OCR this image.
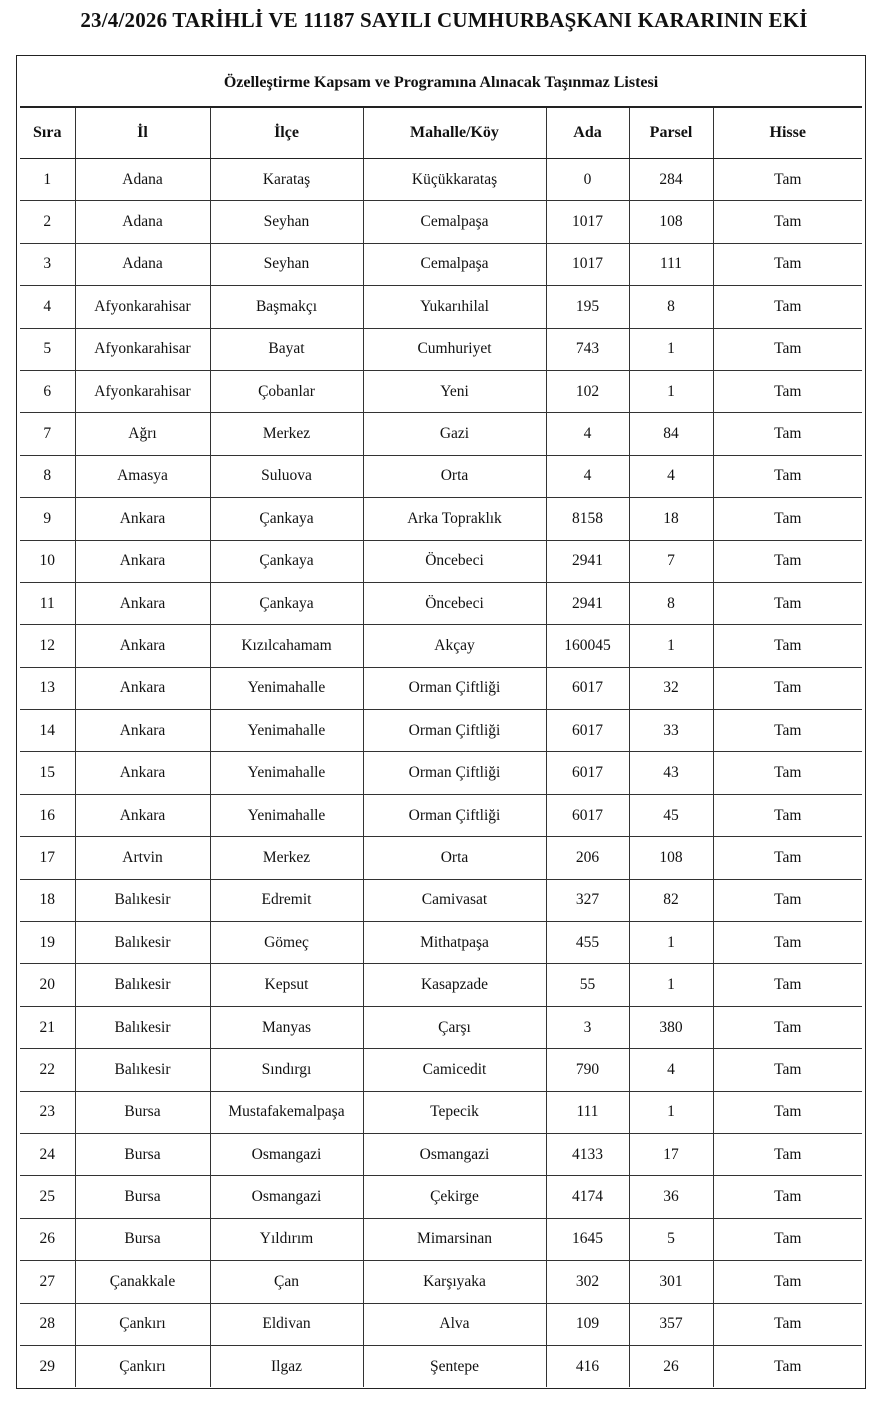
23/4/2026 TARİHLİ VE 11187 SAYILI CUMHURBAŞKANI KARARININ EKİ
Özelleştirme Kapsam ve Programına Alınacak Taşınmaz Listesi
Sıra	İl	İlçe	Mahalle/Köy	Ada	Parsel	Hisse
1	Adana	Karataş	Küçükkarataş	0	284	Tam
2	Adana	Seyhan	Cemalpaşa	1017	108	Tam
3	Adana	Seyhan	Cemalpaşa	1017	111	Tam
4	Afyonkarahisar	Başmakçı	Yukarıhilal	195	8	Tam
5	Afyonkarahisar	Bayat	Cumhuriyet	743	1	Tam
6	Afyonkarahisar	Çobanlar	Yeni	102	1	Tam
7	Ağrı	Merkez	Gazi	4	84	Tam
8	Amasya	Suluova	Orta	4	4	Tam
9	Ankara	Çankaya	Arka Topraklık	8158	18	Tam
10	Ankara	Çankaya	Öncebeci	2941	7	Tam
11	Ankara	Çankaya	Öncebeci	2941	8	Tam
12	Ankara	Kızılcahamam	Akçay	160045	1	Tam
13	Ankara	Yenimahalle	Orman Çiftliği	6017	32	Tam
14	Ankara	Yenimahalle	Orman Çiftliği	6017	33	Tam
15	Ankara	Yenimahalle	Orman Çiftliği	6017	43	Tam
16	Ankara	Yenimahalle	Orman Çiftliği	6017	45	Tam
17	Artvin	Merkez	Orta	206	108	Tam
18	Balıkesir	Edremit	Camivasat	327	82	Tam
19	Balıkesir	Gömeç	Mithatpaşa	455	1	Tam
20	Balıkesir	Kepsut	Kasapzade	55	1	Tam
21	Balıkesir	Manyas	Çarşı	3	380	Tam
22	Balıkesir	Sındırgı	Camicedit	790	4	Tam
23	Bursa	Mustafakemalpaşa	Tepecik	111	1	Tam
24	Bursa	Osmangazi	Osmangazi	4133	17	Tam
25	Bursa	Osmangazi	Çekirge	4174	36	Tam
26	Bursa	Yıldırım	Mimarsinan	1645	5	Tam
27	Çanakkale	Çan	Karşıyaka	302	301	Tam
28	Çankırı	Eldivan	Alva	109	357	Tam
29	Çankırı	Ilgaz	Şentepe	416	26	Tam
